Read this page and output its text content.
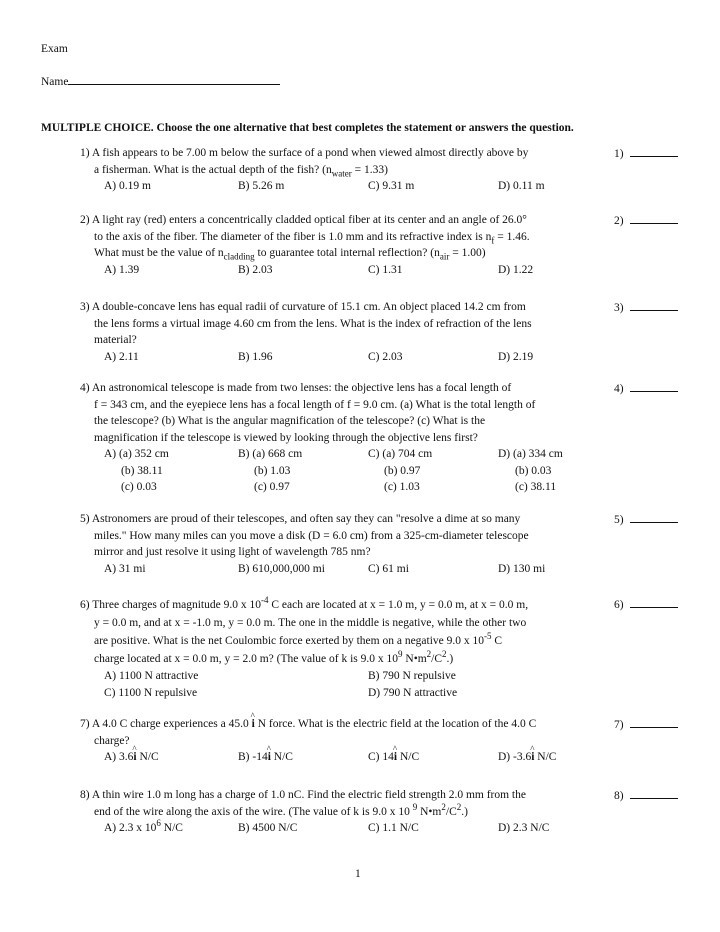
Exam
Name
MULTIPLE CHOICE. Choose the one alternative that best completes the statement or answers the question.
1) A fish appears to be 7.00 m below the surface of a pond when viewed almost directly above by
a fisherman. What is the actual depth of the fish? $(n_{water} = 1.33)$
A) 0.19 m	B) 5.26 m	C) 9.31 m	D) 0.11 m
1)
2) A light ray (red) enters a concentrically cladded optical fiber at its center and an angle of 26.0°
to the axis of the fiber. The diameter of the fiber is 1.0 mm and its refractive index is $n_f = 1.46$.
What must be the value of $n_{cladding}$ to guarantee total internal reflection? $(n_{air} = 1.00)$
A) 1.39	B) 2.03	C) 1.31	D) 1.22
2)
3) A double-concave lens has equal radii of curvature of 15.1 cm. An object placed 14.2 cm from
the lens forms a virtual image 4.60 cm from the lens. What is the index of refraction of the lens
material?
A) 2.11	B) 1.96	C) 2.03	D) 2.19
3)
4) An astronomical telescope is made from two lenses: the objective lens has a focal length of
f = 343 cm, and the eyepiece lens has a focal length of f = 9.0 cm. (a) What is the total length of
the telescope? (b) What is the angular magnification of the telescope? (c) What is the
magnification if the telescope is viewed by looking through the objective lens first?
A) (a) 352 cm	B) (a) 668 cm	C) (a) 704 cm	D) (a) 334 cm
(b) 38.11	(b) 1.03	(b) 0.97	(b) 0.03
(c) 0.03	(c) 0.97	(c) 1.03	(c) 38.11
4)
5) Astronomers are proud of their telescopes, and often say they can "resolve a dime at so many
miles." How many miles can you move a disk (D = 6.0 cm) from a 325-cm-diameter telescope
mirror and just resolve it using light of wavelength 785 nm?
A) 31 mi	B) 610,000,000 mi	C) 61 mi	D) 130 mi
5)
6) Three charges of magnitude 9.0 x $10^{-4}$ C each are located at x = 1.0 m, y = 0.0 m, at x = 0.0 m,
y = 0.0 m, and at x = -1.0 m, y = 0.0 m. The one in the middle is negative, while the other two
are positive. What is the net Coulombic force exerted by them on a negative 9.0 x $10^{-5}$ C
charge located at x = 0.0 m, y = 2.0 m? (The value of k is 9.0 x $10^9$ $N•m^2/C^2$.)
A) 1100 N attractive	B) 790 N repulsive
C) 1100 N repulsive	D) 790 N attractive
6)
7) A 4.0 C charge experiences a 45.0 ^ i N force. What is the electric field at the location of the 4.0 C
charge?
A) 3.6^ i N/C	B) -14^ i N/C	C) 14^ i N/C	D) -3.6^ i N/C
7)
8) A thin wire 1.0 m long has a charge of 1.0 nC. Find the electric field strength 2.0 mm from the
end of the wire along the axis of the wire. (The value of k is 9.0 x 10 $^9$ $N•m^2/C^2$.)
A) 2.3 x $10^6$ N/C	B) 4500 N/C	C) 1.1 N/C	D) 2.3 N/C
8)
1
